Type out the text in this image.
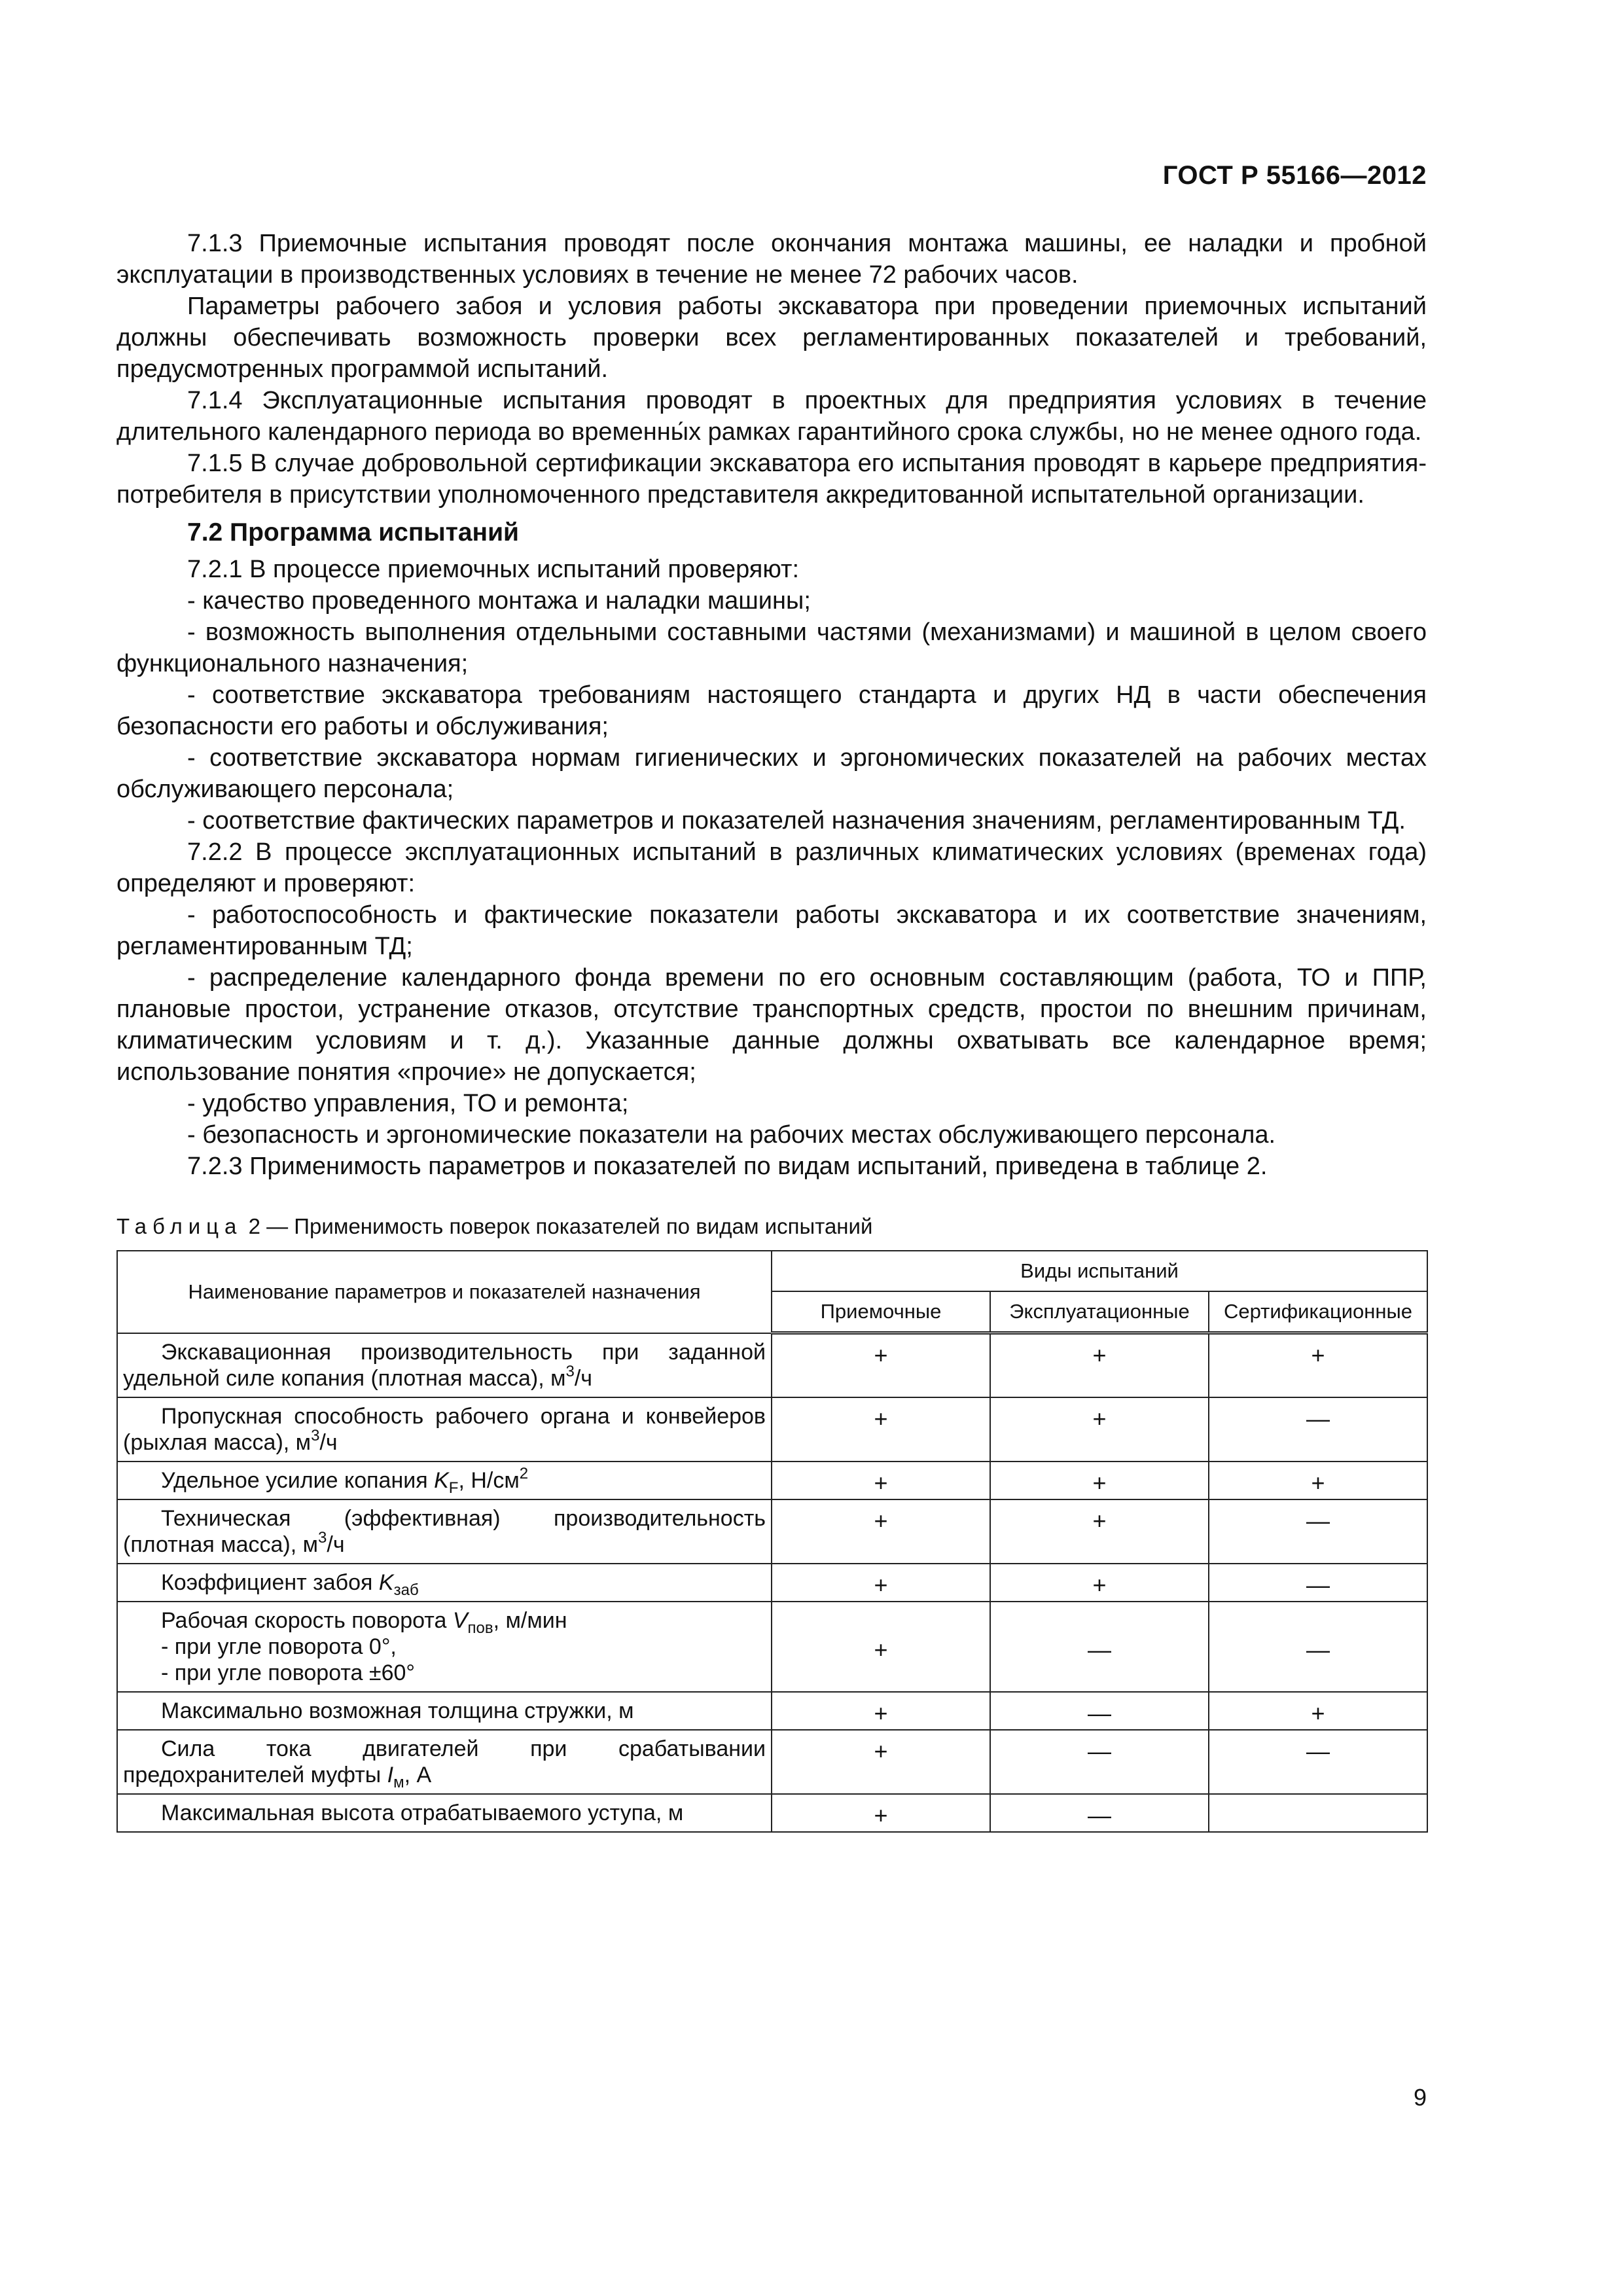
ГОСТ Р 55166—2012

7.1.3 Приемочные испытания проводят после окончания монтажа машины, ее наладки и пробной эксплуатации в производственных условиях в течение не менее 72 рабочих часов.

Параметры рабочего забоя и условия работы экскаватора при проведении приемочных испытаний должны обеспечивать возможность проверки всех регламентированных показателей и требований, предусмотренных программой испытаний.

7.1.4 Эксплуатационные испытания проводят в проектных для предприятия условиях в течение длительного календарного периода во временны́х рамках гарантийного срока службы, но не менее одного года.

7.1.5 В случае добровольной сертификации экскаватора его испытания проводят в карьере предприятия-потребителя в присутствии уполномоченного представителя аккредитованной испытательной организации.

7.2 Программа испытаний

7.2.1 В процессе приемочных испытаний проверяют:

- качество проведенного монтажа и наладки машины;

- возможность выполнения отдельными составными частями (механизмами) и машиной в целом своего функционального назначения;

- соответствие экскаватора требованиям настоящего стандарта и других НД в части обеспечения безопасности его работы и обслуживания;

- соответствие экскаватора нормам гигиенических и эргономических показателей на рабочих местах обслуживающего персонала;

- соответствие фактических параметров и показателей назначения значениям, регламентированным ТД.

7.2.2 В процессе эксплуатационных испытаний в различных климатических условиях (временах года) определяют и проверяют:

- работоспособность и фактические показатели работы экскаватора и их соответствие значениям, регламентированным ТД;

- распределение календарного фонда времени по его основным составляющим (работа, ТО и ППР, плановые простои, устранение отказов, отсутствие транспортных средств, простои по внешним причинам, климатическим условиям и т. д.). Указанные данные должны охватывать все календарное время; использование понятия «прочие» не допускается;

- удобство управления, ТО и ремонта;

- безопасность и эргономические показатели на рабочих местах обслуживающего персонала.

7.2.3 Применимость параметров и показателей по видам испытаний, приведена в таблице 2.

Таблица 2 — Применимость поверок показателей по видам испытаний
Наименование параметров и показателей назначения	Виды испытаний		
	Приемочные	Эксплуатационные	Сертификационные
Экскавационная производительность при заданной удельной силе копания (плотная масса), $м^3/ч$	+	+	+
Пропускная способность рабочего органа и конвейеров (рыхлая масса), $м^3/ч$	+	+	—
Удельное усилие копания $K_F$, $Н/см^2$	+	+	+
Техническая (эффективная) производительность (плотная масса), $м^3/ч$	+	+	—
Коэффициент забоя $K_{заб}$	+	+	—
Рабочая скорость поворота $V_{пов}$, м/мин
- при угле поворота 0°,
- при угле поворота ±60°	+	—	—
Максимально возможная толщина стружки, м	+	—	+
Сила тока двигателей при срабатывании предохранителей муфты $I_м$, А	+	—	—
Максимальная высота отрабатываемого уступа, м	+	—	
9
